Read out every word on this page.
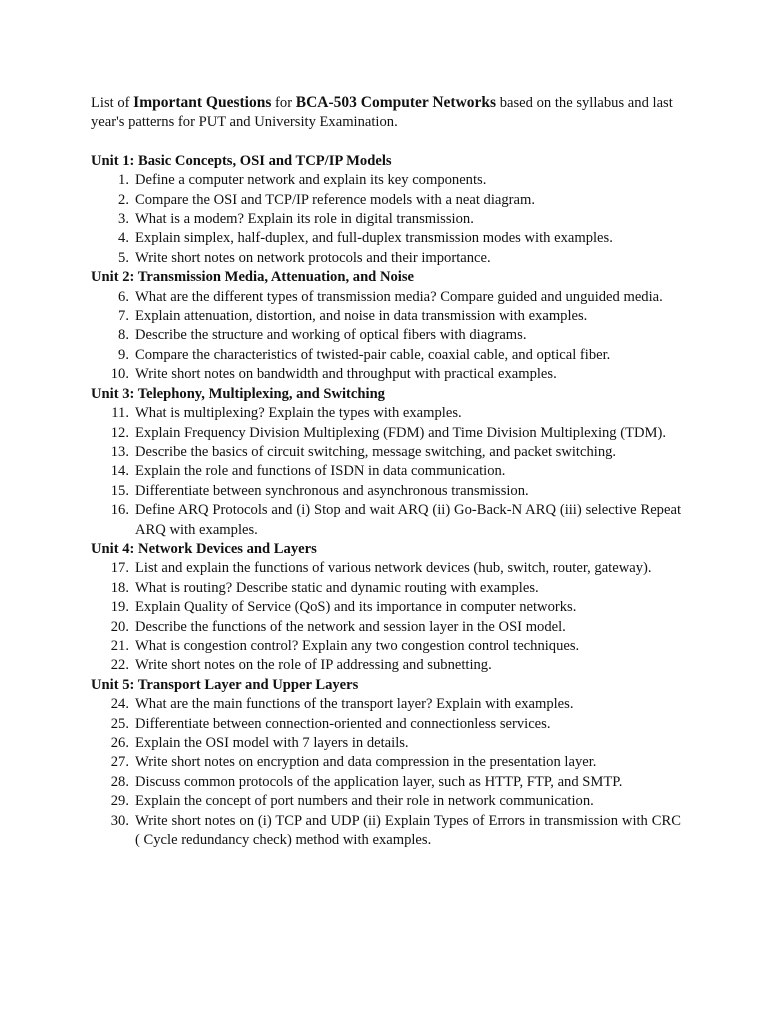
List of Important Questions for BCA-503 Computer Networks based on the syllabus and last year's patterns for PUT and University Examination.

Unit 1: Basic Concepts, OSI and TCP/IP Models

1. Define a computer network and explain its key components.
2. Compare the OSI and TCP/IP reference models with a neat diagram.
3. What is a modem? Explain its role in digital transmission.
4. Explain simplex, half-duplex, and full-duplex transmission modes with examples.
5. Write short notes on network protocols and their importance.

Unit 2: Transmission Media, Attenuation, and Noise

6. What are the different types of transmission media? Compare guided and unguided media.
7. Explain attenuation, distortion, and noise in data transmission with examples.
8. Describe the structure and working of optical fibers with diagrams.
9. Compare the characteristics of twisted-pair cable, coaxial cable, and optical fiber.
10. Write short notes on bandwidth and throughput with practical examples.

Unit 3: Telephony, Multiplexing, and Switching

11. What is multiplexing? Explain the types with examples.
12. Explain Frequency Division Multiplexing (FDM) and Time Division Multiplexing (TDM).
13. Describe the basics of circuit switching, message switching, and packet switching.
14. Explain the role and functions of ISDN in data communication.
15. Differentiate between synchronous and asynchronous transmission.
16. Define ARQ Protocols and (i) Stop and wait ARQ (ii) Go-Back-N ARQ (iii) selective Repeat ARQ with examples.

Unit 4: Network Devices and Layers

17. List and explain the functions of various network devices (hub, switch, router, gateway).
18. What is routing? Describe static and dynamic routing with examples.
19. Explain Quality of Service (QoS) and its importance in computer networks.
20. Describe the functions of the network and session layer in the OSI model.
21. What is congestion control? Explain any two congestion control techniques.
22. Write short notes on the role of IP addressing and subnetting.

Unit 5: Transport Layer and Upper Layers

24. What are the main functions of the transport layer? Explain with examples.
25. Differentiate between connection-oriented and connectionless services.
26. Explain the OSI model with 7 layers in details.
27. Write short notes on encryption and data compression in the presentation layer.
28. Discuss common protocols of the application layer, such as HTTP, FTP, and SMTP.
29. Explain the concept of port numbers and their role in network communication.
30. Write short notes on (i) TCP and UDP (ii) Explain Types of Errors in transmission with CRC ( Cycle redundancy check) method with examples.
